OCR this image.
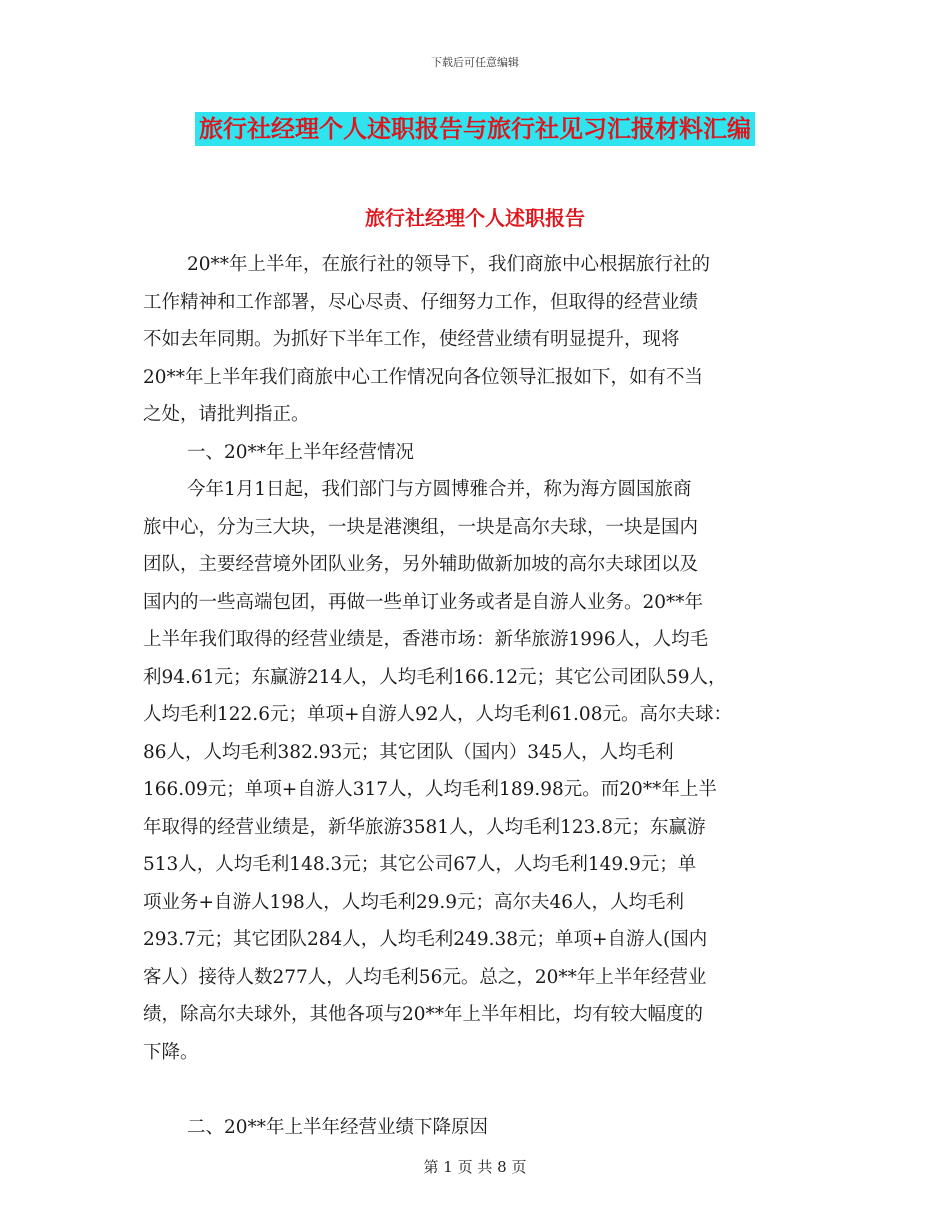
下载后可任意编辑
旅行社经理个人述职报告与旅行社见习汇报材料汇编
旅行社经理个人述职报告
20**年上半年，在旅行社的领导下，我们商旅中心根据旅行社的
工作精神和工作部署，尽心尽责、仔细努力工作，但取得的经营业绩
不如去年同期。为抓好下半年工作，使经营业绩有明显提升，现将
20**年上半年我们商旅中心工作情况向各位领导汇报如下，如有不当
之处，请批判指正。
一、20**年上半年经营情况
今年1月1日起，我们部门与方圆博雅合并，称为海方圆国旅商
旅中心，分为三大块，一块是港澳组，一块是高尔夫球，一块是国内
团队，主要经营境外团队业务，另外辅助做新加坡的高尔夫球团以及
国内的一些高端包团，再做一些单订业务或者是自游人业务。20**年
上半年我们取得的经营业绩是，香港市场：新华旅游1996人，人均毛
利94.61元；东赢游214人，人均毛利166.12元；其它公司团队59人，
人均毛利122.6元；单项+自游人92人，人均毛利61.08元。高尔夫球：
86人，人均毛利382.93元；其它团队（国内）345人，人均毛利
166.09元；单项+自游人317人，人均毛利189.98元。而20**年上半
年取得的经营业绩是，新华旅游3581人，人均毛利123.8元；东赢游
513人，人均毛利148.3元；其它公司67人，人均毛利149.9元；单
项业务+自游人198人，人均毛利29.9元；高尔夫46人，人均毛利
293.7元；其它团队284人，人均毛利249.38元；单项+自游人(国内
客人）接待人数277人，人均毛利56元。总之，20**年上半年经营业
绩，除高尔夫球外，其他各项与20**年上半年相比，均有较大幅度的
下降。
二、20**年上半年经营业绩下降原因
第 1 页 共 8 页
